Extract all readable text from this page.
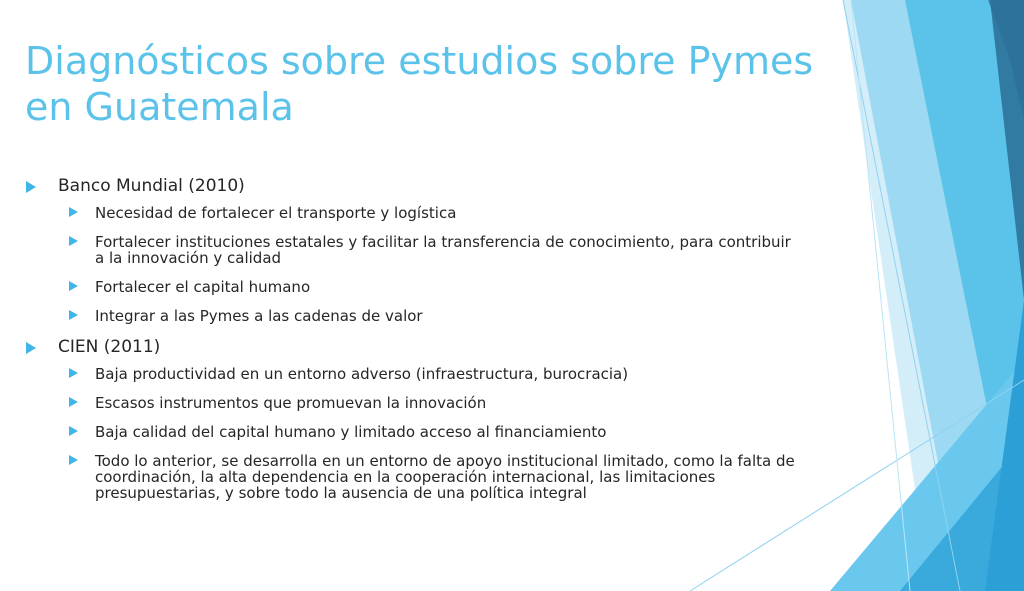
Diagnósticos sobre estudios sobre Pymes en Guatemala
Banco Mundial (2010)
Necesidad de fortalecer el transporte y logística
Fortalecer instituciones estatales y facilitar la transferencia de conocimiento, para contribuir a la innovación y calidad
Fortalecer el capital humano
Integrar a las Pymes a las cadenas de valor
CIEN (2011)
Baja productividad en un entorno adverso (infraestructura, burocracia)
Escasos instrumentos que promuevan la innovación
Baja calidad del capital humano y limitado acceso al financiamiento
Todo lo anterior, se desarrolla en un entorno de apoyo institucional limitado, como la falta de coordinación, la alta dependencia en la cooperación internacional, las limitaciones presupuestarias, y sobre todo la ausencia de una política integral
